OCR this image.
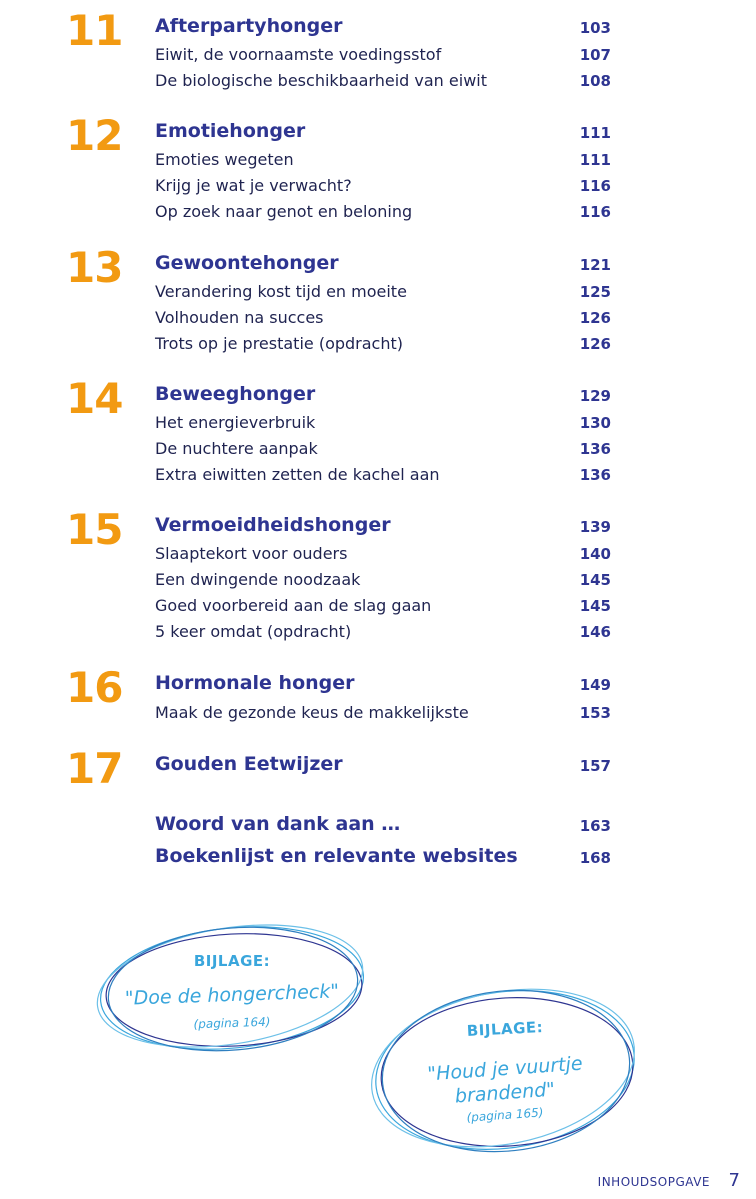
11 Afterpartyhonger	103
Eiwit, de voornaamste voedingsstof	107
De biologische beschikbaarheid van eiwit	108
12 Emotiehonger	111
Emoties wegeten	111
Krijg je wat je verwacht?	116
Op zoek naar genot en beloning	116
13 Gewoontehonger	121
Verandering kost tijd en moeite	125
Volhouden na succes	126
Trots op je prestatie (opdracht)	126
14 Beweeghonger	129
Het energieverbruik	130
De nuchtere aanpak	136
Extra eiwitten zetten de kachel aan	136
15 Vermoeidheidshonger	139
Slaaptekort voor ouders	140
Een dwingende noodzaak	145
Goed voorbereid aan de slag gaan	145
5 keer omdat (opdracht)	146
16 Hormonale honger	149
Maak de gezonde keus de makkelijkste	153
17 Gouden Eetwijzer	157
Woord van dank aan …	163
Boekenlijst en relevante websites	168
BIJLAGE:
"Doe de hongercheck"
(pagina 164)	BIJLAGE:
"Houd je vuurtje
brandend"
(pagina 165)
INHOUDSOPGAVE 7
